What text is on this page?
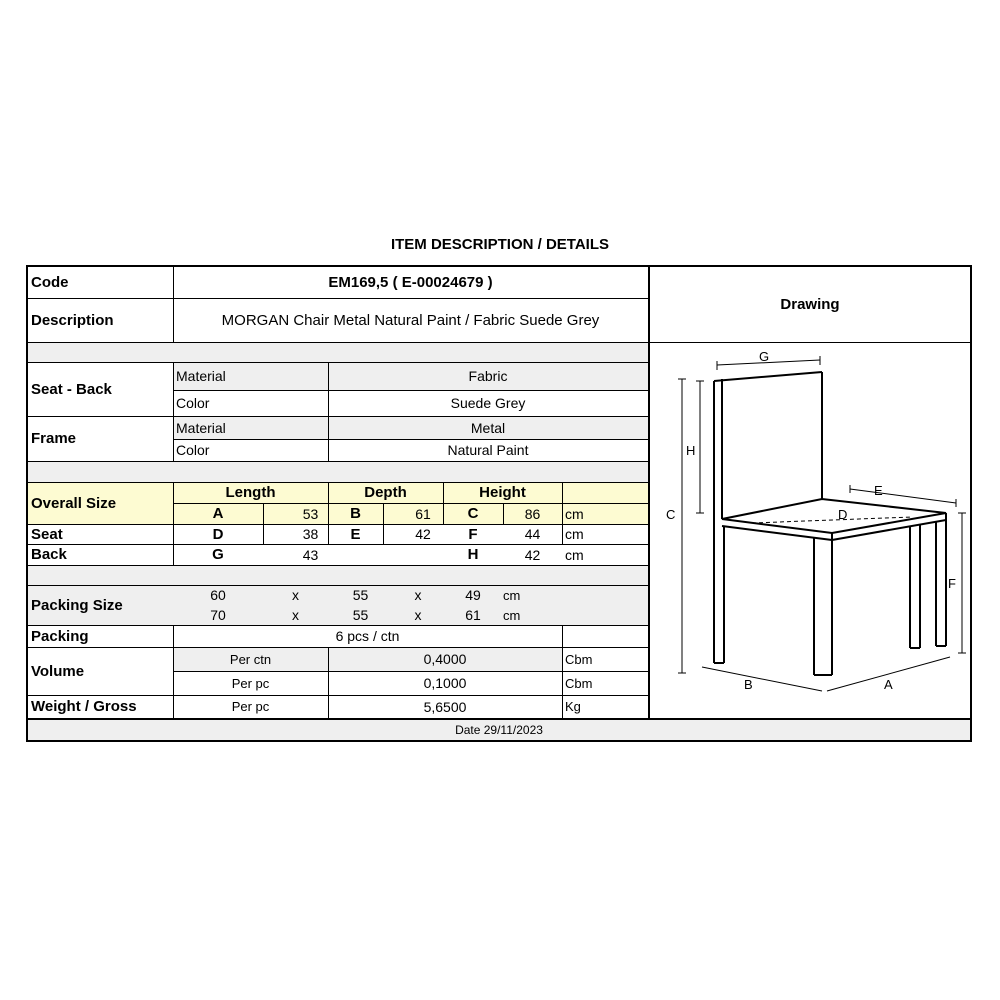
ITEM DESCRIPTION / DETAILS
Code	EM169,5 ( E-00024679 )
Description	MORGAN Chair Metal Natural Paint / Fabric Suede Grey
Drawing
Seat - Back
Material	Fabric
Color	Suede Grey
Frame
Material	Metal
Color	Natural Paint
Overall Size
Length	Depth	Height
A	53	B	61	C	86	cm
Seat	D	38	E	42	F	44	cm
Back	G	43	H	42	cm
Packing Size
60	x	55	x	49	cm
70	x	55	x	61	cm
Packing	6 pcs / ctn
Volume
Per ctn	0,4000	Cbm
Per pc	0,1000	Cbm
Weight / Gross	Per pc	5,6500	Kg
Date 29/11/2023
G
H
C
E
D
F
B	A
